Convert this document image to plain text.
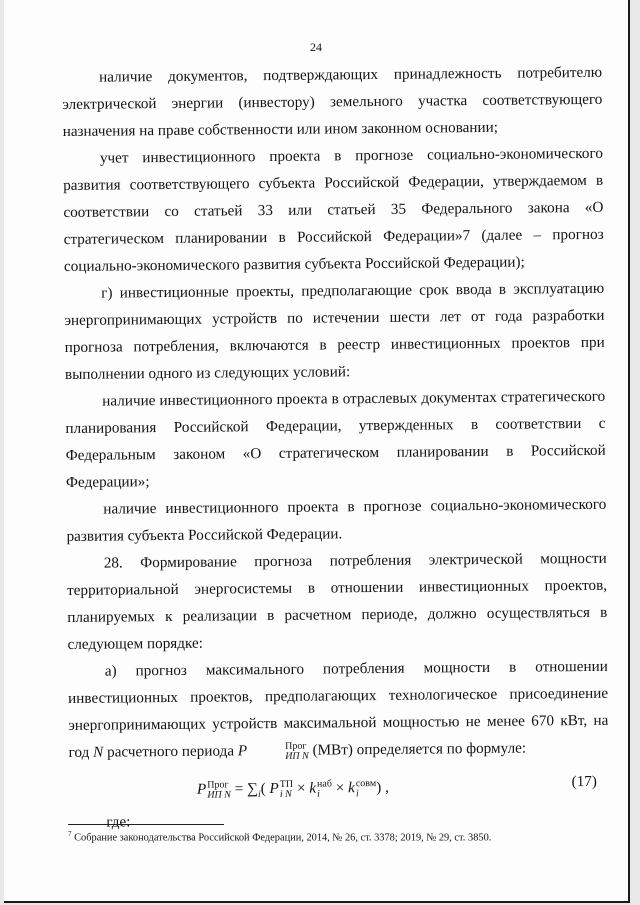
24

наличие документов, подтверждающих принадлежность потребителю электрической энергии (инвестору) земельного участка соответствующего назначения на праве собственности или ином законном основании;

учет инвестиционного проекта в прогнозе социально-экономического развития соответствующего субъекта Российской Федерации, утверждаемом в соответствии со статьей 33 или статьей 35 Федерального закона «О стратегическом планировании в Российской Федерации»7 (далее – прогноз социально-экономического развития субъекта Российской Федерации);

г) инвестиционные проекты, предполагающие срок ввода в эксплуатацию энергопринимающих устройств по истечении шести лет от года разработки прогноза потребления, включаются в реестр инвестиционных проектов при выполнении одного из следующих условий:

наличие инвестиционного проекта в отраслевых документах стратегического планирования Российской Федерации, утвержденных в соответствии с Федеральным законом «О стратегическом планировании в Российской Федерации»;

наличие инвестиционного проекта в прогнозе социально-экономического развития субъекта Российской Федерации.

28. Формирование прогноза потребления электрической мощности территориальной энергосистемы в отношении инвестиционных проектов, планируемых к реализации в расчетном периоде, должно осуществляться в следующем порядке:

а) прогноз максимального потребления мощности в отношении инвестиционных проектов, предполагающих технологическое присоединение энергопринимающих устройств максимальной мощностью не менее 670 кВт, на год N расчетного периода P	Прог
ИП N (МВт) определяется по формуле:

P Прог
ИП $N = \sum_i$( P ТП
i N × k наб
i × k совм
i	) ,	(17)

где:

$^7$ Собрание законодательства Российской Федерации, 2014, № 26, ст. 3378; 2019, № 29, ст. 3850.
